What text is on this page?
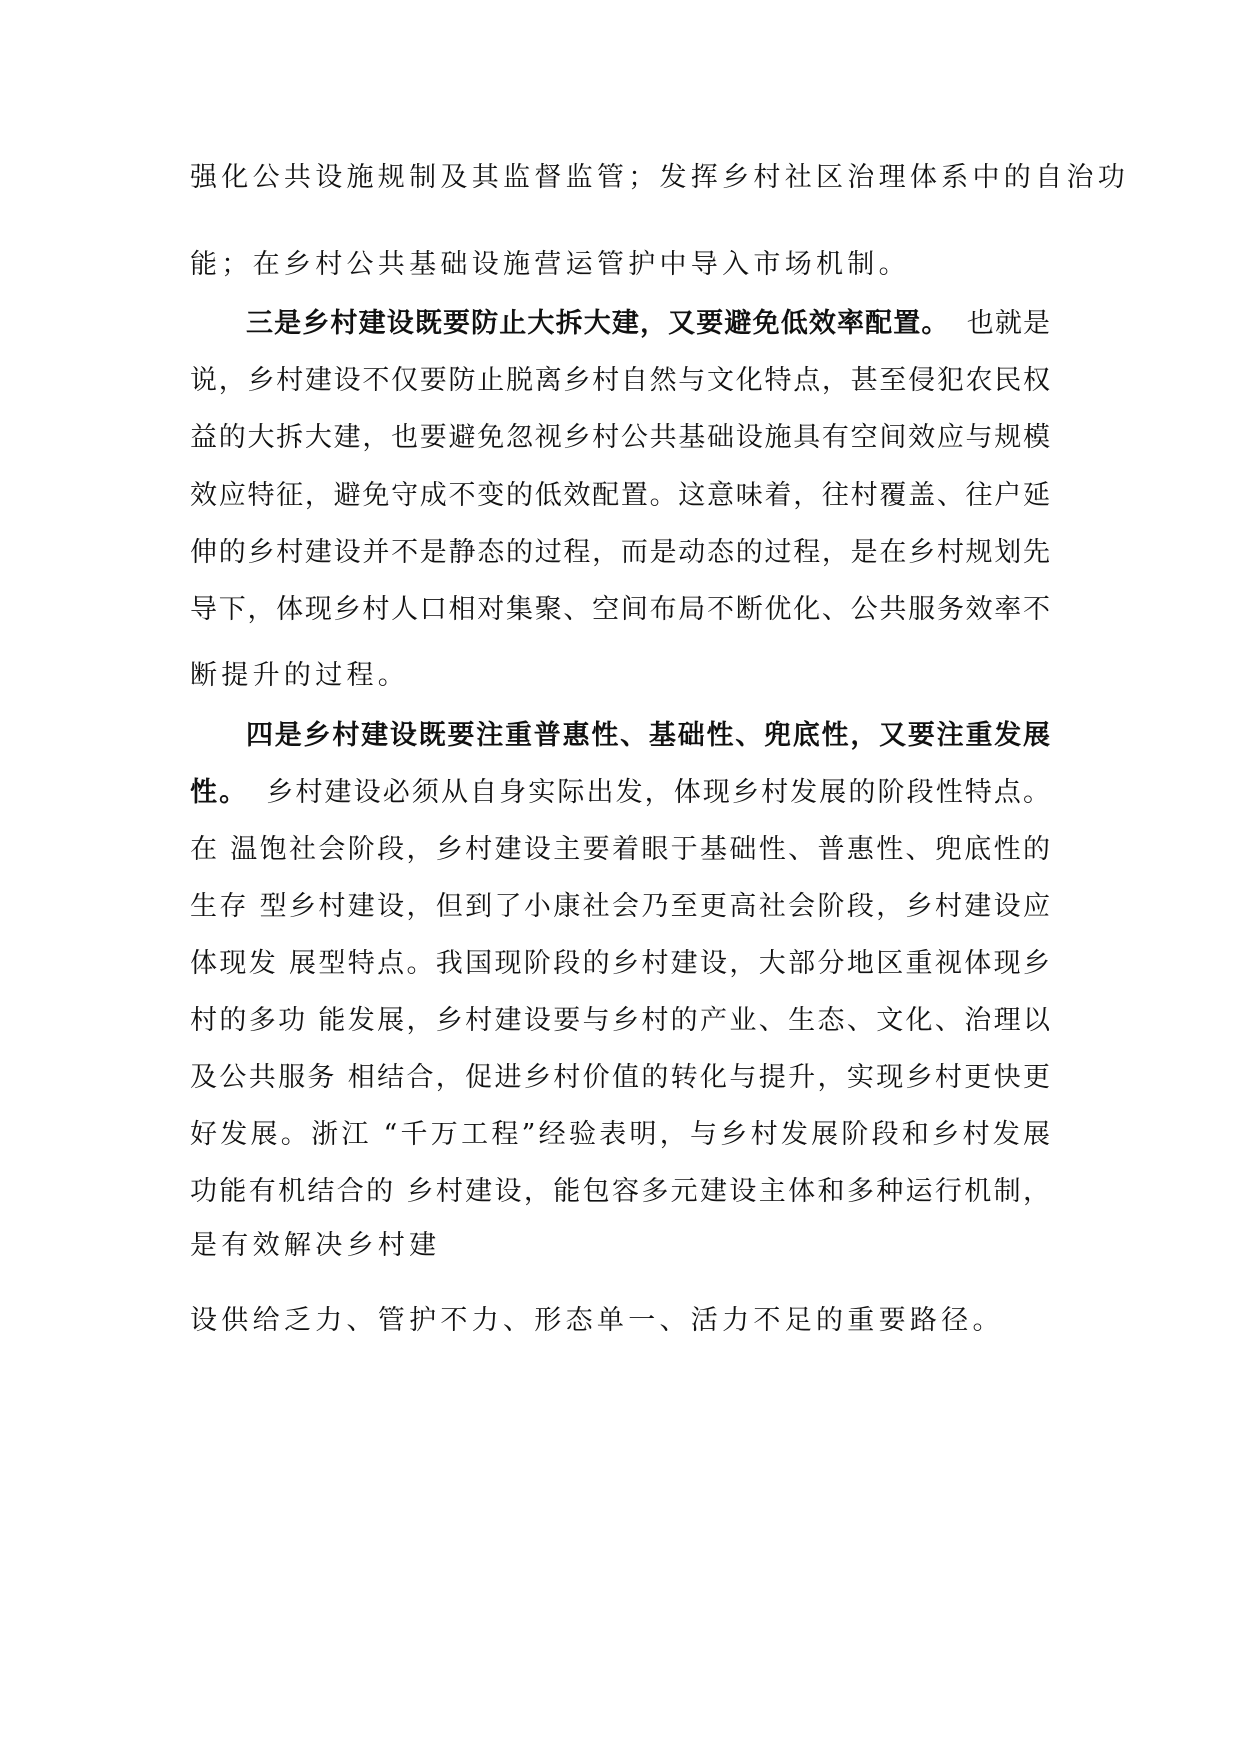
强化公共设施规制及其监督监管；发挥乡村社区治理体系中的自治功
能；在乡村公共基础设施营运管护中导入市场机制。
三是乡村建设既要防止大拆大建，又要避免低效率配置。 也就是
说，乡村建设不仅要防止脱离乡村自然与文化特点，甚至侵犯农民权
益的大拆大建，也要避免忽视乡村公共基础设施具有空间效应与规模
效应特征，避免守成不变的低效配置。这意味着，往村覆盖、往户延
伸的乡村建设并不是静态的过程，而是动态的过程，是在乡村规划先
导下，体现乡村人口相对集聚、空间布局不断优化、公共服务效率不
断提升的过程。
四是乡村建设既要注重普惠性、基础性、兜底性，又要注重发展
性。 乡村建设必须从自身实际出发，体现乡村发展的阶段性特点。
在 温饱社会阶段，乡村建设主要着眼于基础性、普惠性、兜底性的
生存 型乡村建设，但到了小康社会乃至更高社会阶段，乡村建设应
体现发 展型特点。我国现阶段的乡村建设，大部分地区重视体现乡
村的多功 能发展，乡村建设要与乡村的产业、生态、文化、治理以
及公共服务 相结合，促进乡村价值的转化与提升，实现乡村更快更
好发展。浙江 “千万工程”经验表明，与乡村发展阶段和乡村发展
功能有机结合的 乡村建设，能包容多元建设主体和多种运行机制，
是有效解决乡村建
设供给乏力、管护不力、形态单一、活力不足的重要路径。
